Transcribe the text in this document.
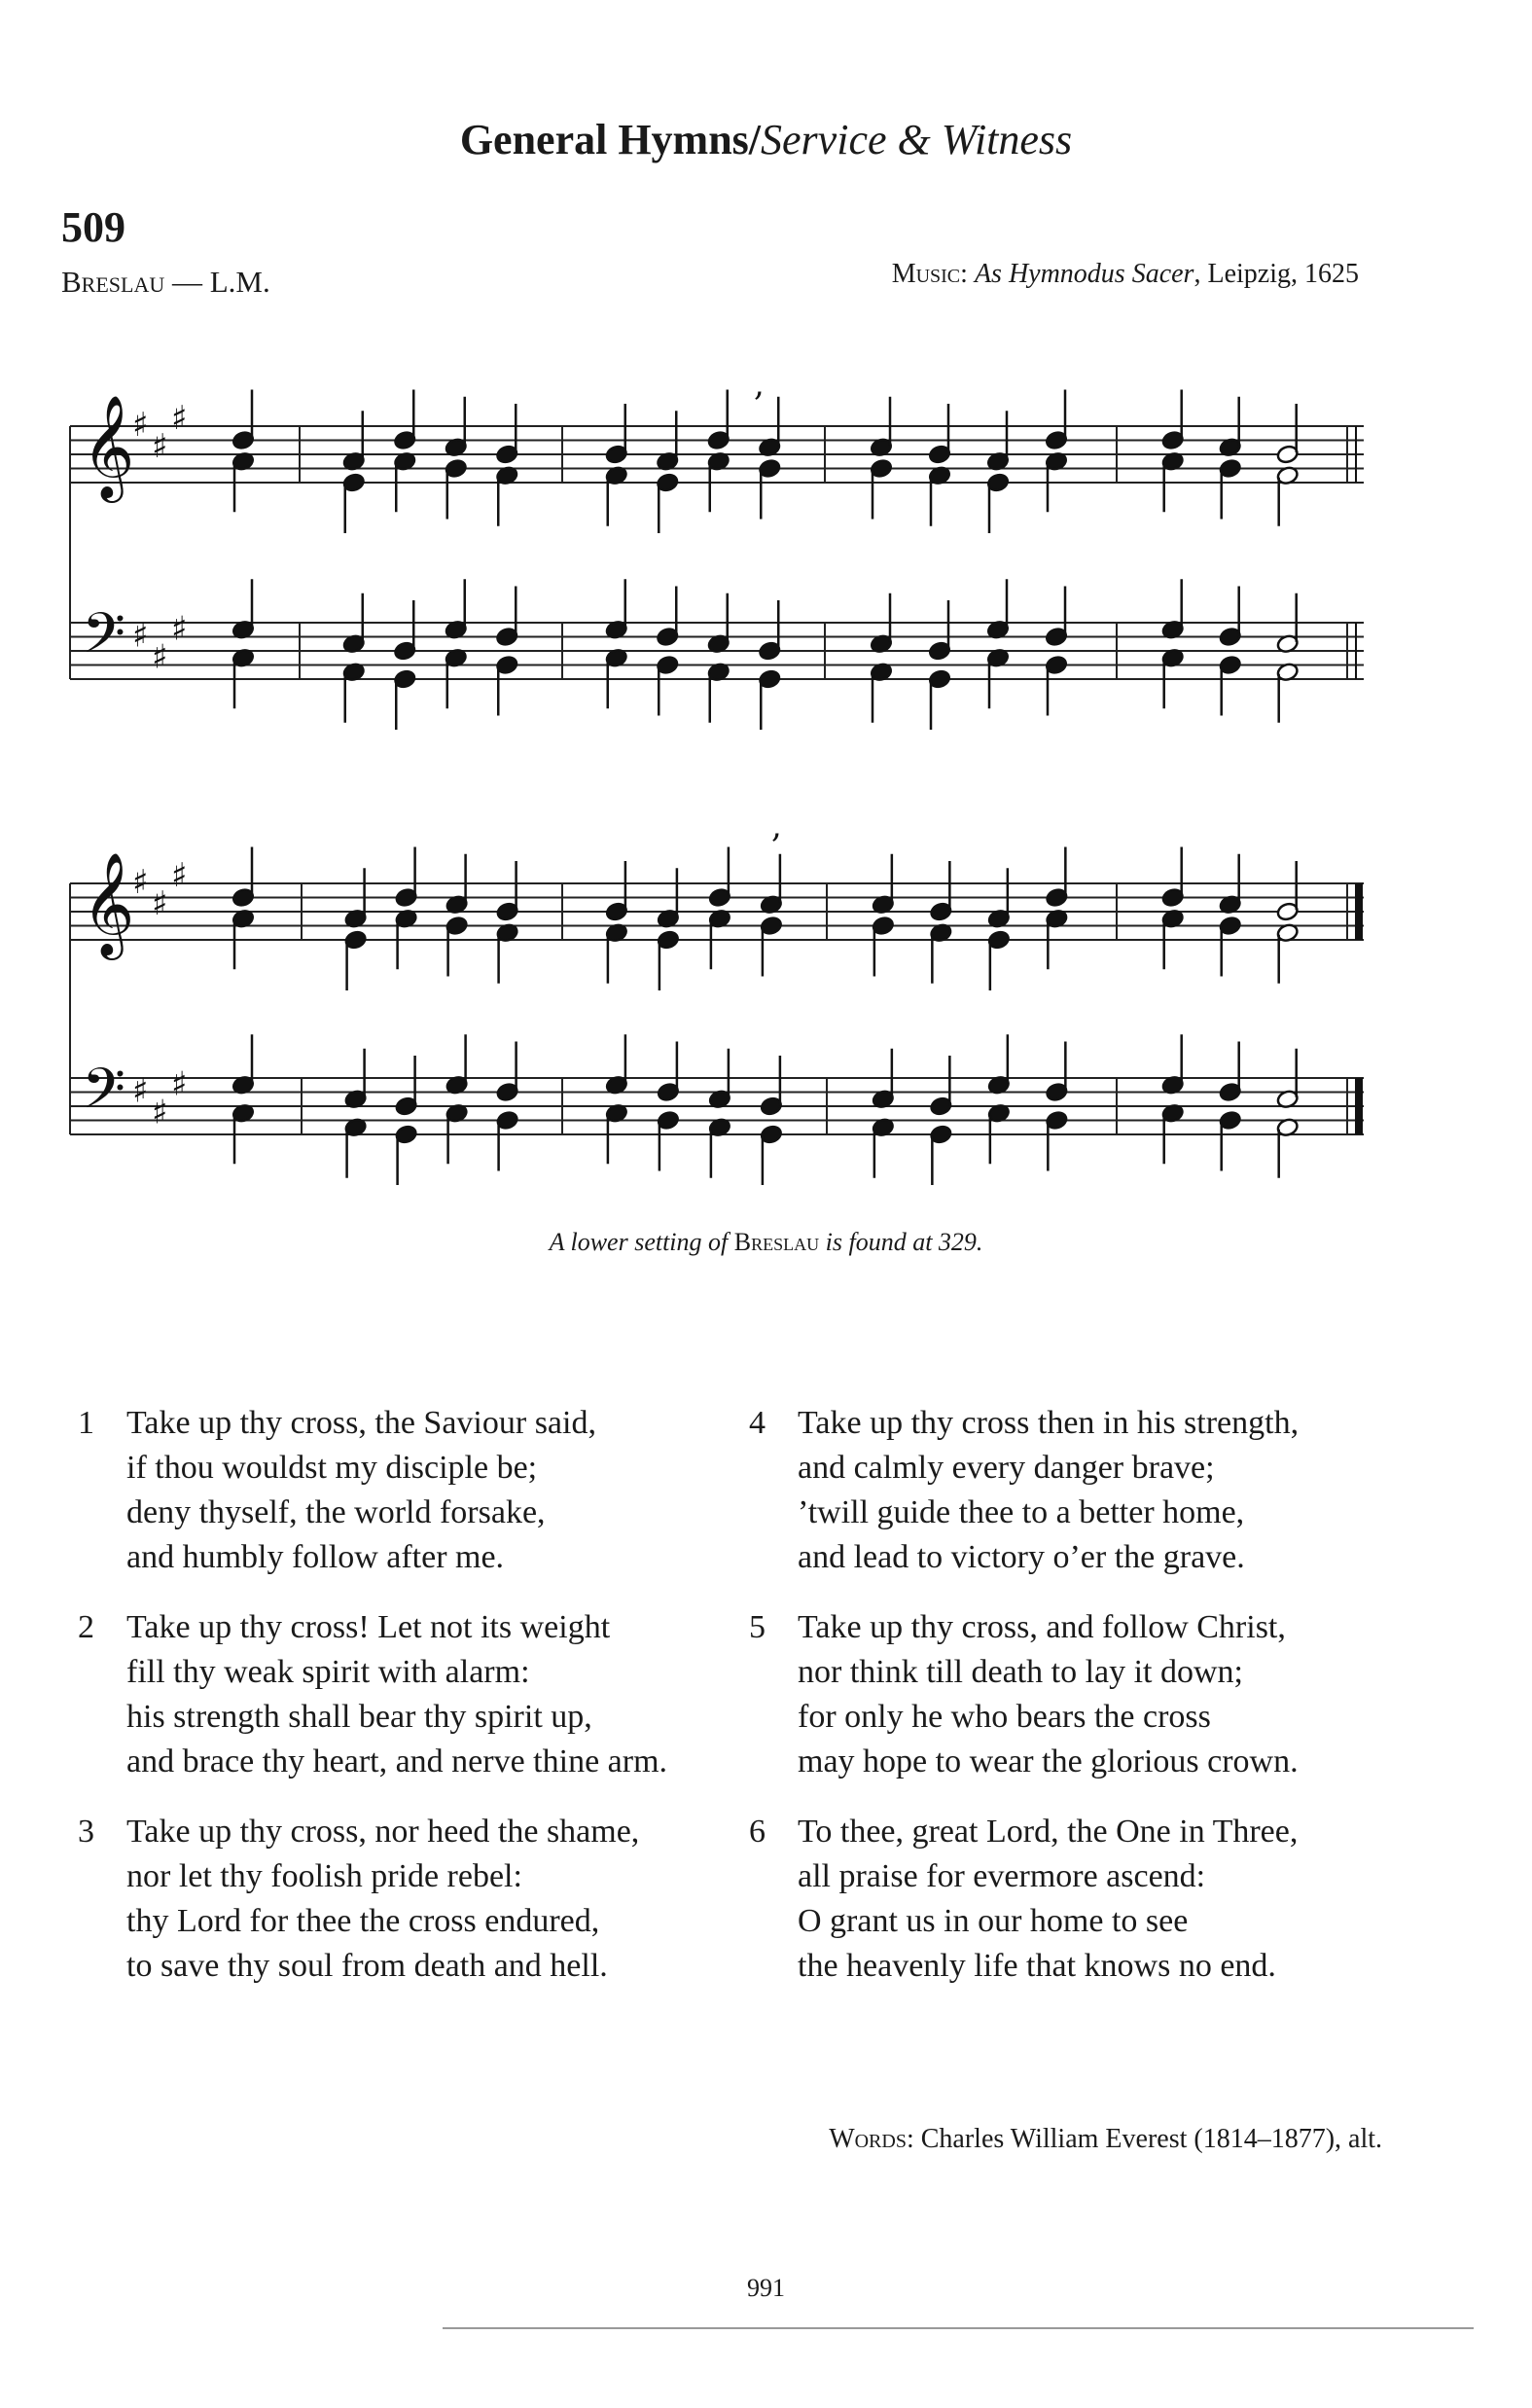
General Hymns/Service & Witness
509
Breslau — L.M.	Music: As Hymnodus Sacer, Leipzig, 1625
𝄞
𝄢
♯
♯
♯
♯
♯
♯
𝄞
𝄢
♯
♯
♯
♯
♯
♯
,
,
A lower setting of Breslau is found at 329.
1 Take up thy cross, the Saviour said,
if thou wouldst my disciple be;
deny thyself, the world forsake,
and humbly follow after me.
2 Take up thy cross! Let not its weight
fill thy weak spirit with alarm:
his strength shall bear thy spirit up,
and brace thy heart, and nerve thine arm.
3 Take up thy cross, nor heed the shame,
nor let thy foolish pride rebel:
thy Lord for thee the cross endured,
to save thy soul from death and hell.
4 Take up thy cross then in his strength,
and calmly every danger brave;
’twill guide thee to a better home,
and lead to victory o’er the grave.
5 Take up thy cross, and follow Christ,
nor think till death to lay it down;
for only he who bears the cross
may hope to wear the glorious crown.
6 To thee, great Lord, the One in Three,
all praise for evermore ascend:
O grant us in our home to see
the heavenly life that knows no end.
Words: Charles William Everest (1814–1877), alt.
991
